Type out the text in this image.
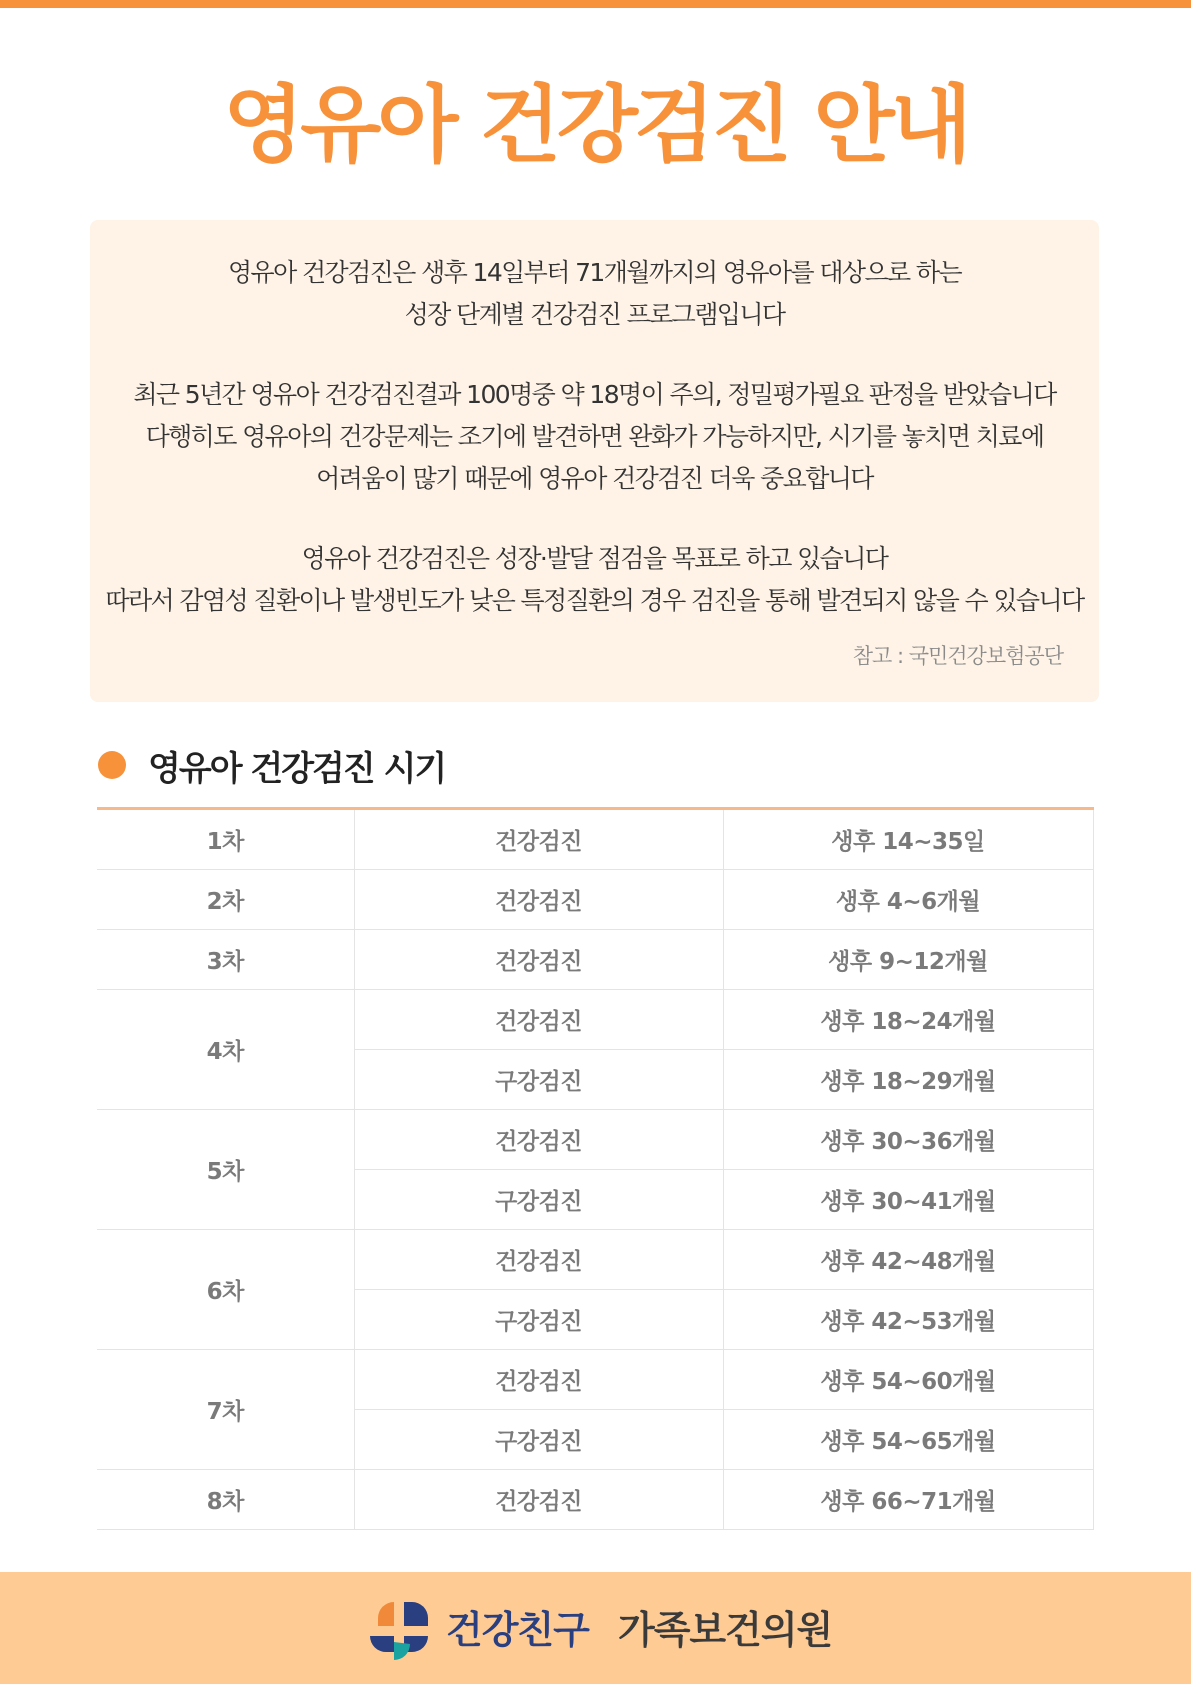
영유아 건강검진 안내
영유아 건강검진은 생후 14일부터 71개월까지의 영유아를 대상으로 하는
성장 단계별 건강검진 프로그램입니다
최근 5년간 영유아 건강검진결과 100명중 약 18명이 주의, 정밀평가필요 판정을 받았습니다
다행히도 영유아의 건강문제는 조기에 발견하면 완화가 가능하지만, 시기를 놓치면 치료에
어려움이 많기 때문에 영유아 건강검진 더욱 중요합니다
영유아 건강검진은 성장·발달 점검을 목표로 하고 있습니다
따라서 감염성 질환이나 발생빈도가 낮은 특정질환의 경우 검진을 통해 발견되지 않을 수 있습니다
참고 : 국민건강보험공단
영유아 건강검진 시기
1차	건강검진	생후 14~35일
2차	건강검진	생후 4~6개월
3차	건강검진	생후 9~12개월
4차	건강검진	생후 18~24개월
	구강검진	생후 18~29개월
5차	건강검진	생후 30~36개월
	구강검진	생후 30~41개월
6차	건강검진	생후 42~48개월
	구강검진	생후 42~53개월
7차	건강검진	생후 54~60개월
	구강검진	생후 54~65개월
8차	건강검진	생후 66~71개월
건강친구 가족보건의원
